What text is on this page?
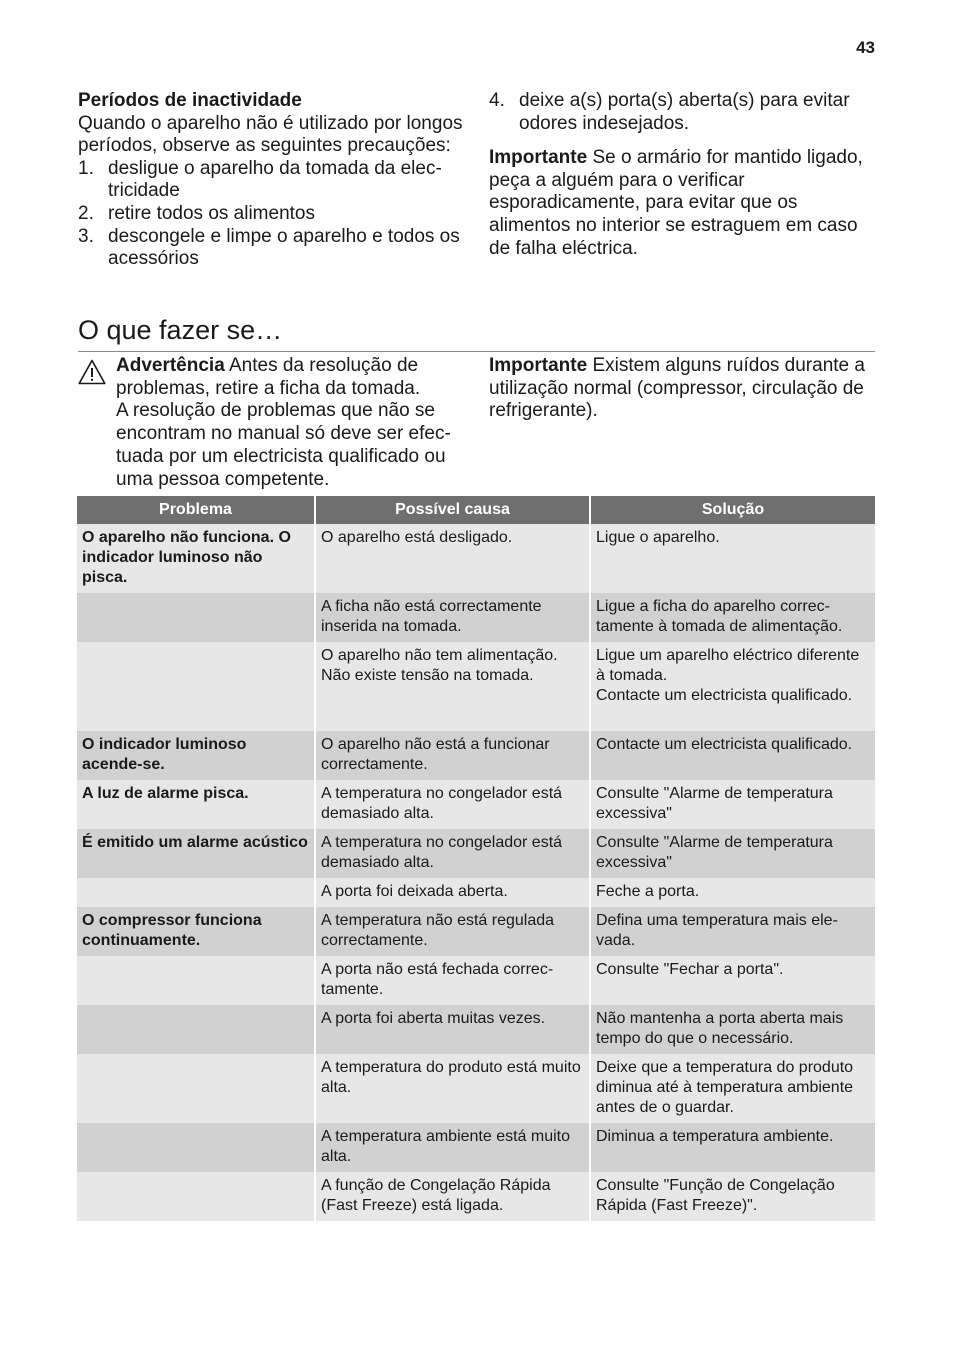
43

Períodos de inactividade

Quando o aparelho não é utilizado por longos períodos, observe as seguintes precauções:

1. desligue o aparelho da tomada da electricidade
2. retire todos os alimentos
3. descongele e limpe o aparelho e todos os acessórios
4. deixe a(s) porta(s) aberta(s) para evitar odores indesejados.

Importante Se o armário for mantido ligado, peça a alguém para o verificar esporadicamente, para evitar que os alimentos no interior se estraguem em caso de falha eléctrica.

O que fazer se…
Advertência Antes da resolução de problemas, retire a ficha da tomada.
A resolução de problemas que não se encontram no manual só deve ser efectuada por um electricista qualificado ou uma pessoa competente.
Importante Existem alguns ruídos durante a utilização normal (compressor, circulação de refrigerante).
Problema	Possível causa	Solução
O aparelho não funciona. O indicador luminoso não pisca.	O aparelho está desligado.	Ligue o aparelho.
	A ficha não está correctamente inserida na tomada.	Ligue a ficha do aparelho correctamente à tomada de alimentação.
	O aparelho não tem alimentação. Não existe tensão na tomada.	Ligue um aparelho eléctrico diferente à tomada.
Contacte um electricista qualificado.
O indicador luminoso acende-se.	O aparelho não está a funcionar correctamente.	Contacte um electricista qualificado.
A luz de alarme pisca.	A temperatura no congelador está demasiado alta.	Consulte "Alarme de temperatura excessiva"
É emitido um alarme acústico	A temperatura no congelador está demasiado alta.	Consulte "Alarme de temperatura excessiva"
	A porta foi deixada aberta.	Feche a porta.
O compressor funciona continuamente.	A temperatura não está regulada correctamente.	Defina uma temperatura mais elevada.
	A porta não está fechada correctamente.	Consulte "Fechar a porta".
	A porta foi aberta muitas vezes.	Não mantenha a porta aberta mais tempo do que o necessário.
	A temperatura do produto está muito alta.	Deixe que a temperatura do produto diminua até à temperatura ambiente antes de o guardar.
	A temperatura ambiente está muito alta.	Diminua a temperatura ambiente.
	A função de Congelação Rápida (Fast Freeze) está ligada.	Consulte "Função de Congelação Rápida (Fast Freeze)".
